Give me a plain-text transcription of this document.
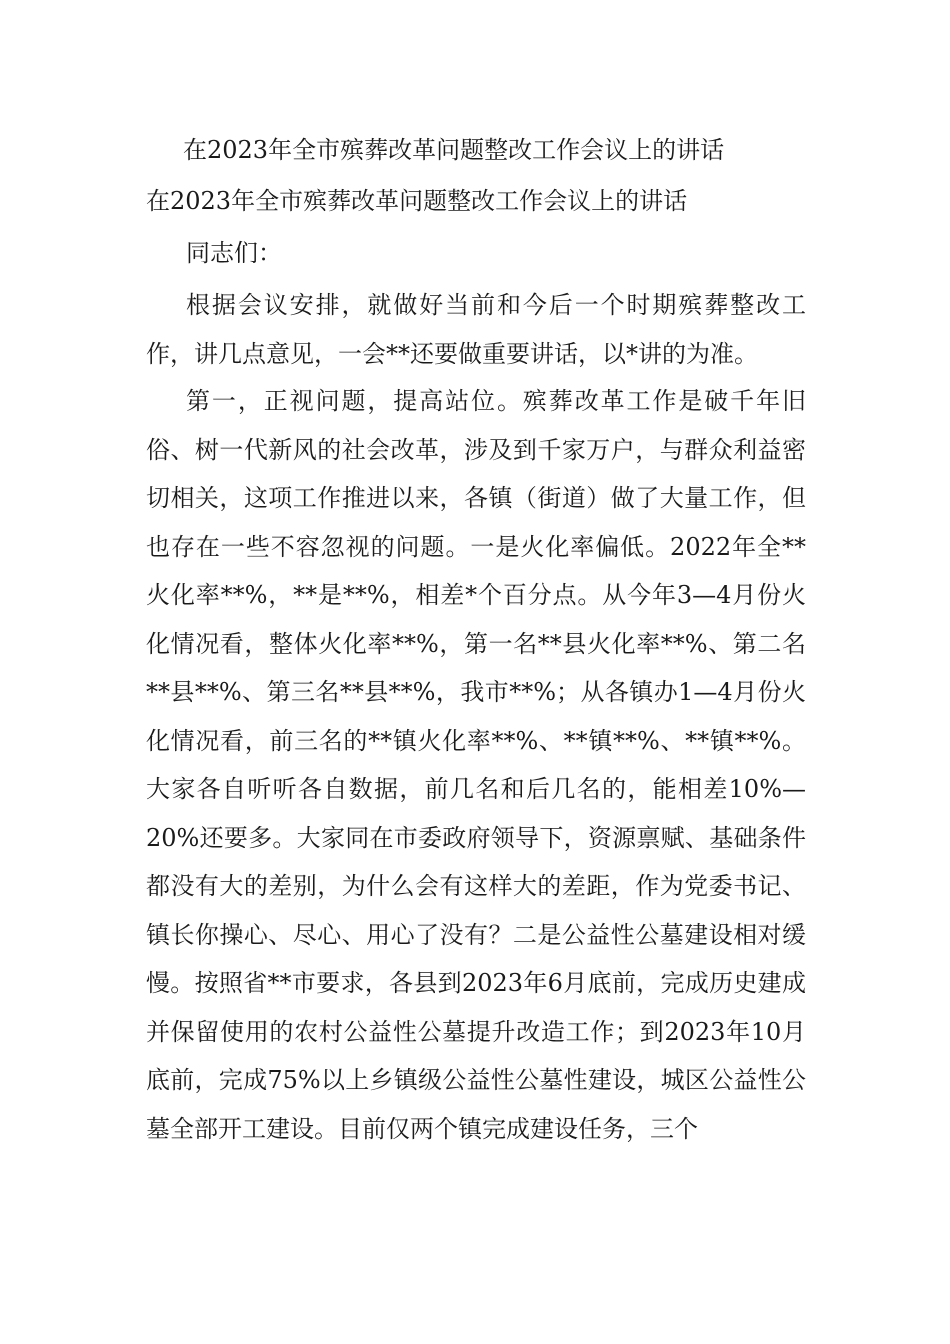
在2023年全市殡葬改革问题整改工作会议上的讲话
在2023年全市殡葬改革问题整改工作会议上的讲话
同志们：

根据会议安排，就做好当前和今后一个时期殡葬整改工作，讲几点意见，一会**还要做重要讲话，以*讲的为准。

第一，正视问题，提高站位。殡葬改革工作是破千年旧俗、树一代新风的社会改革，涉及到千家万户，与群众利益密切相关，这项工作推进以来，各镇（街道）做了大量工作，但也存在一些不容忽视的问题。一是火化率偏低。2022年全**火化率**%，**是**%，相差*个百分点。从今年3—4月份火化情况看，整体火化率**%，第一名**县火化率**%、第二名**县**%、第三名**县**%，我市**%；从各镇办1—4月份火化情况看，前三名的**镇火化率**%、**镇**%、**镇**%。大家各自听听各自数据，前几名和后几名的，能相差10%—20%还要多。大家同在市委政府领导下，资源禀赋、基础条件都没有大的差别，为什么会有这样大的差距，作为党委书记、镇长你操心、尽心、用心了没有？二是公益性公墓建设相对缓慢。按照省**市要求，各县到2023年6月底前，完成历史建成并保留使用的农村公益性公墓提升改造工作；到2023年10月底前，完成75%以上乡镇级公益性公墓性建设，城区公益性公墓全部开工建设。目前仅两个镇完成建设任务，三个
